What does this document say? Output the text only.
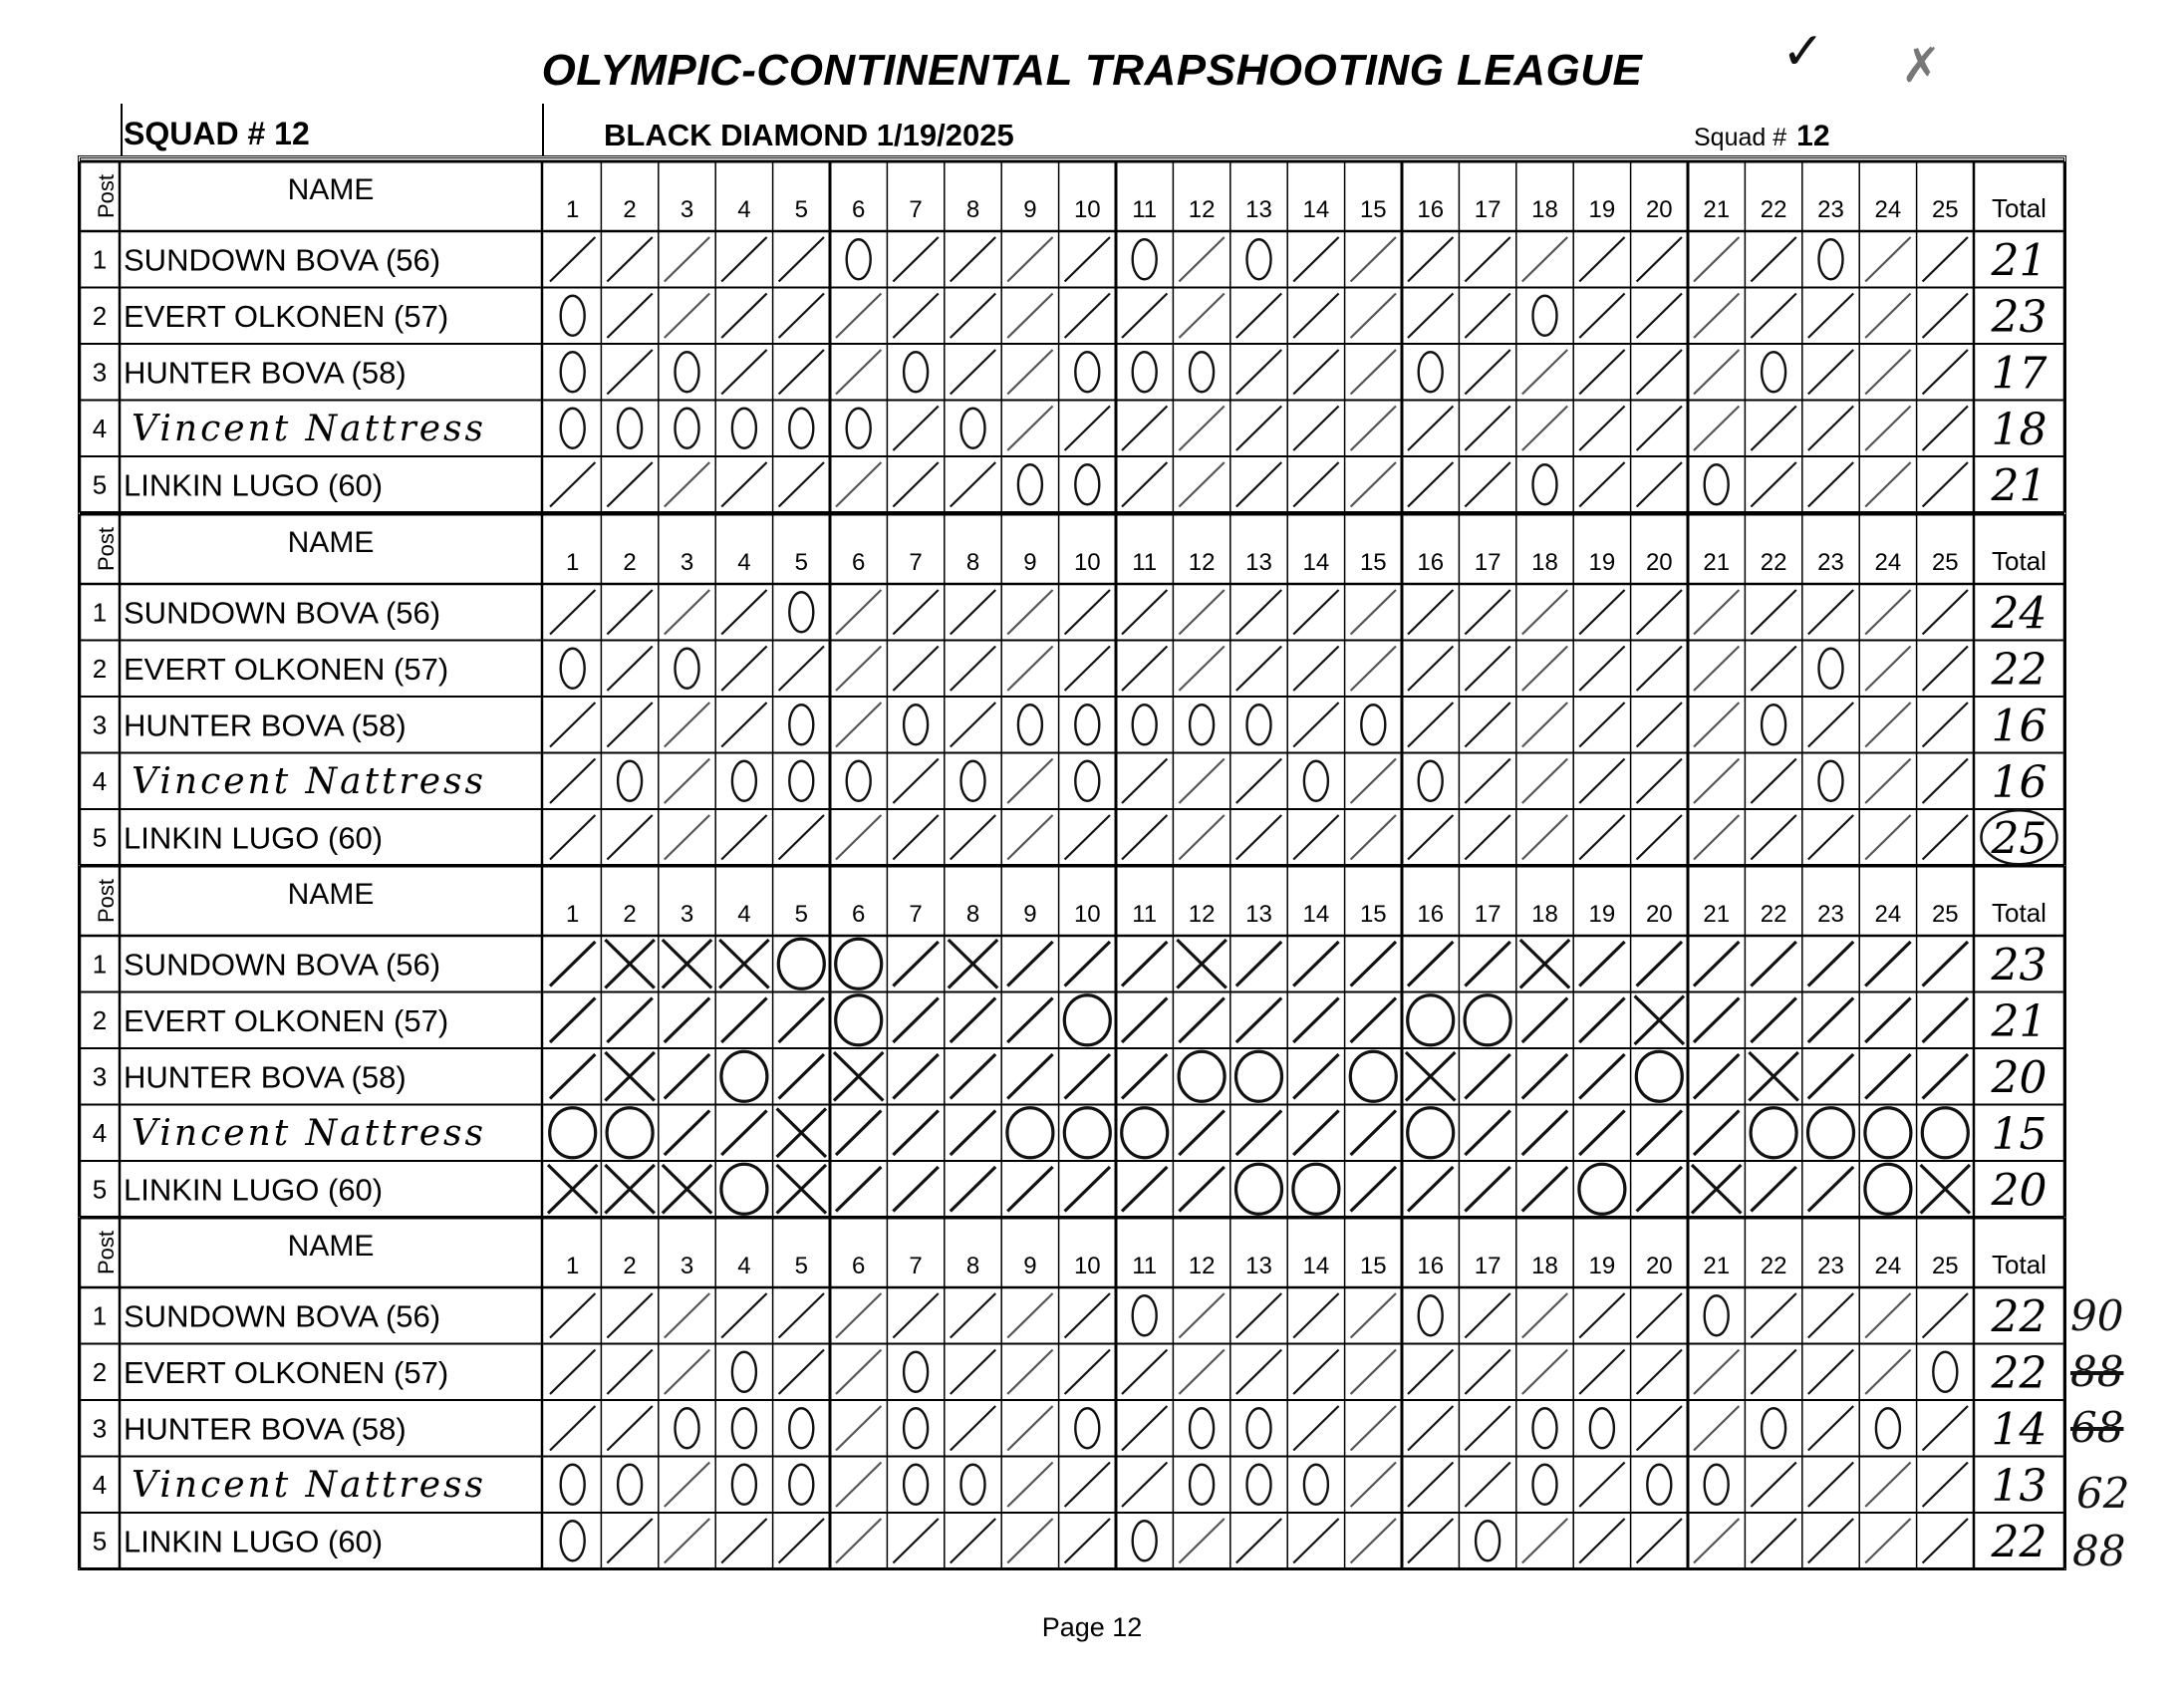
OLYMPIC-CONTINENTAL TRAPSHOOTING LEAGUE	✓ ✗
SQUAD # 12	BLACK DIAMOND 1/19/2025	Squad # 12
Post	NAME
1 2 3 4 5 6 7 8 9 10 11 12 13 14 15 16 17 18 19 20 21 22 23 24 25 Total
1 SUNDOWN BOVA (56)	21
2 EVERT OLKONEN (57)	23
3 HUNTER BOVA (58)	17
4 Vincent Nattress	18
5 LINKIN LUGO (60)	21
Post	NAME
1 2 3 4 5 6 7 8 9 10 11 12 13 14 15 16 17 18 19 20 21 22 23 24 25 Total
1 SUNDOWN BOVA (56)	24
2 EVERT OLKONEN (57)	22
3 HUNTER BOVA (58)	16
4 Vincent Nattress	16
5 LINKIN LUGO (60)	25
Post	NAME
1 2 3 4 5 6 7 8 9 10 11 12 13 14 15 16 17 18 19 20 21 22 23 24 25 Total
1 SUNDOWN BOVA (56)	23
2 EVERT OLKONEN (57)	21
3 HUNTER BOVA (58)	20
4 Vincent Nattress	15
5 LINKIN LUGO (60)	20
Post	NAME
1 2 3 4 5 6 7 8 9 10 11 12 13 14 15 16 17 18 19 20 21 22 23 24 25 Total
1 SUNDOWN BOVA (56)	22
2 EVERT OLKONEN (57)	22
3 HUNTER BOVA (58)	14
4 Vincent Nattress	13
5 LINKIN LUGO (60)	22
90
88
68
62
88
Page 12
